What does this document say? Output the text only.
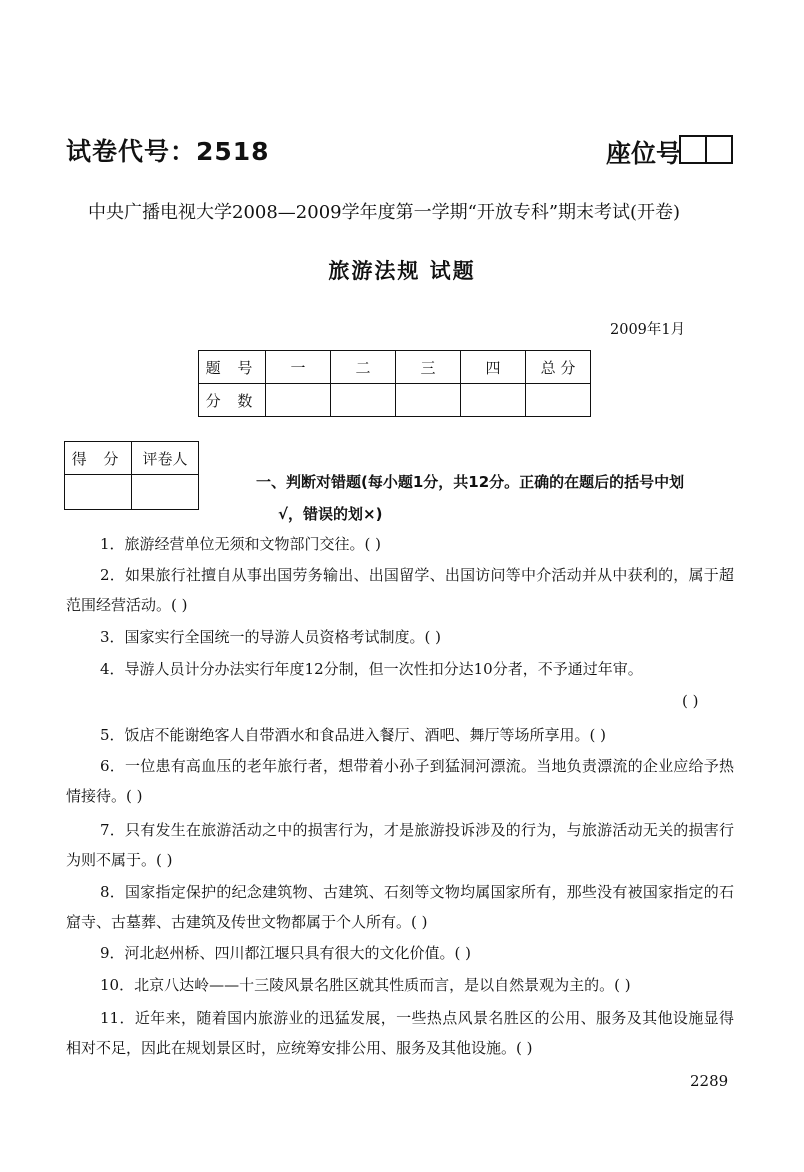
试卷代号：2518	座位号
中央广播电视大学2008—2009学年度第一学期“开放专科”期末考试(开卷)
旅游法规 试题
2009年1月
题 号	一	二	三	四	总 分
分 数					
得 分	评卷人

一、判断对错题(每小题1分，共12分。正确的在题后的括号中划
√，错误的划×)
1．旅游经营单位无须和文物部门交往。( )
2．如果旅行社擅自从事出国劳务输出、出国留学、出国访问等中介活动并从中获利的，属于超范围经营活动。( )
3．国家实行全国统一的导游人员资格考试制度。( )
4．导游人员计分办法实行年度12分制，但一次性扣分达10分者，不予通过年审。
( )
5．饭店不能谢绝客人自带酒水和食品进入餐厅、酒吧、舞厅等场所享用。( )
6．一位患有高血压的老年旅行者，想带着小孙子到猛洞河漂流。当地负责漂流的企业应给予热情接待。( )
7．只有发生在旅游活动之中的损害行为，才是旅游投诉涉及的行为，与旅游活动无关的损害行为则不属于。( )
8．国家指定保护的纪念建筑物、古建筑、石刻等文物均属国家所有，那些没有被国家指定的石窟寺、古墓葬、古建筑及传世文物都属于个人所有。( )
9．河北赵州桥、四川都江堰只具有很大的文化价值。( )
10．北京八达岭——十三陵风景名胜区就其性质而言，是以自然景观为主的。( )
11．近年来，随着国内旅游业的迅猛发展，一些热点风景名胜区的公用、服务及其他设施显得相对不足，因此在规划景区时，应统筹安排公用、服务及其他设施。( )
2289
